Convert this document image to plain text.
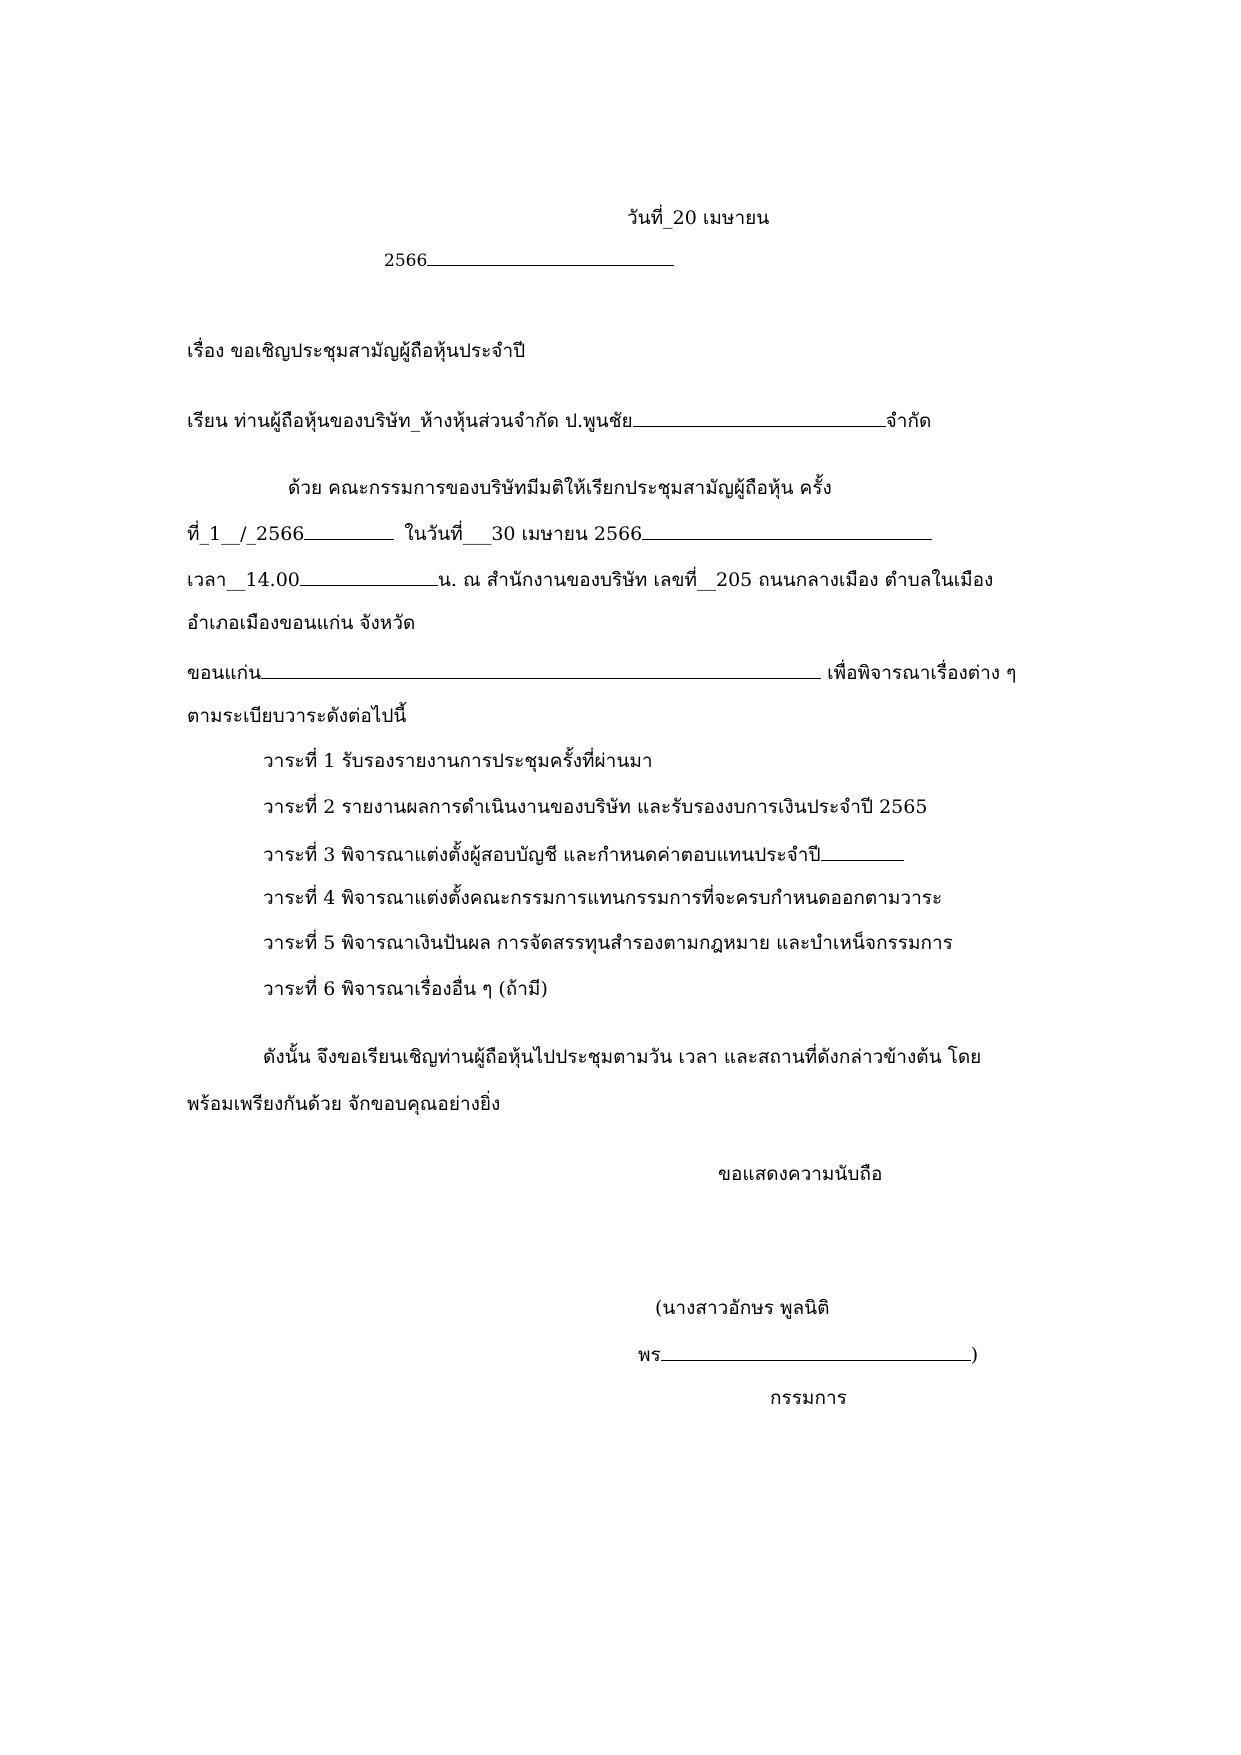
วันที่_20 เมษายน
2566
เรื่อง ขอเชิญประชุมสามัญผู้ถือหุ้นประจำปี
เรียน ท่านผู้ถือหุ้นของบริษัท_ห้างหุ้นส่วนจำกัด ป.พูนชัย	จำกัด
ด้วย คณะกรรมการของบริษัทมีมติให้เรียกประชุมสามัญผู้ถือหุ้น ครั้ง
ที่_1__/_2566	ในวันที่___30 เมษายน 2566
เวลา__14.00	น. ณ สำนักงานของบริษัท เลขที่__205 ถนนกลางเมือง ตำบลในเมือง
อำเภอเมืองขอนแก่น จังหวัด
ขอนแก่น	เพื่อพิจารณาเรื่องต่าง ๆ
ตามระเบียบวาระดังต่อไปนี้
วาระที่ 1 รับรองรายงานการประชุมครั้งที่ผ่านมา
วาระที่ 2 รายงานผลการดำเนินงานของบริษัท และรับรองงบการเงินประจำปี 2565
วาระที่ 3 พิจารณาแต่งตั้งผู้สอบบัญชี และกำหนดค่าตอบแทนประจำปี
วาระที่ 4 พิจารณาแต่งตั้งคณะกรรมการแทนกรรมการที่จะครบกำหนดออกตามวาระ
วาระที่ 5 พิจารณาเงินปันผล การจัดสรรทุนสำรองตามกฎหมาย และบำเหน็จกรรมการ
วาระที่ 6 พิจารณาเรื่องอื่น ๆ (ถ้ามี)
ดังนั้น จึงขอเรียนเชิญท่านผู้ถือหุ้นไปประชุมตามวัน เวลา และสถานที่ดังกล่าวข้างต้น โดย
พร้อมเพรียงกันด้วย จักขอบคุณอย่างยิ่ง
ขอแสดงความนับถือ
(นางสาวอักษร พูลนิติ
พร	)
กรรมการ
